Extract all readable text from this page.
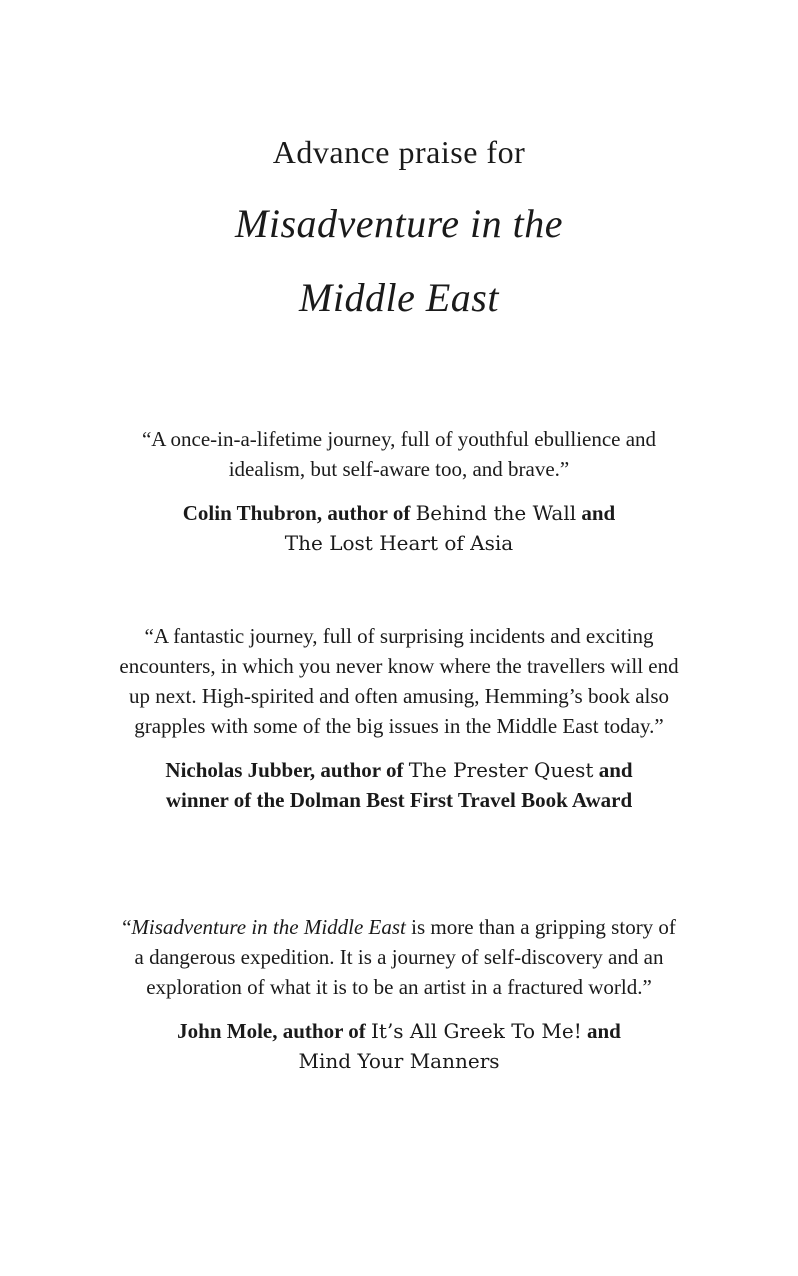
Advance praise for
Misadventure in the
Middle East
“A once-in-a-lifetime journey, full of youthful ebullience and idealism, but self-aware too, and brave.”
Colin Thubron, author of Behind the Wall and
The Lost Heart of Asia
“A fantastic journey, full of surprising incidents and exciting encounters, in which you never know where the travellers will end up next. High-spirited and often amusing, Hemming’s book also grapples with some of the big issues in the Middle East today.”
Nicholas Jubber, author of The Prester Quest and
winner of the Dolman Best First Travel Book Award
“Misadventure in the Middle East is more than a gripping story of a dangerous expedition. It is a journey of self-discovery and an exploration of what it is to be an artist in a fractured world.”
John Mole, author of It’s All Greek To Me! and
Mind Your Manners
